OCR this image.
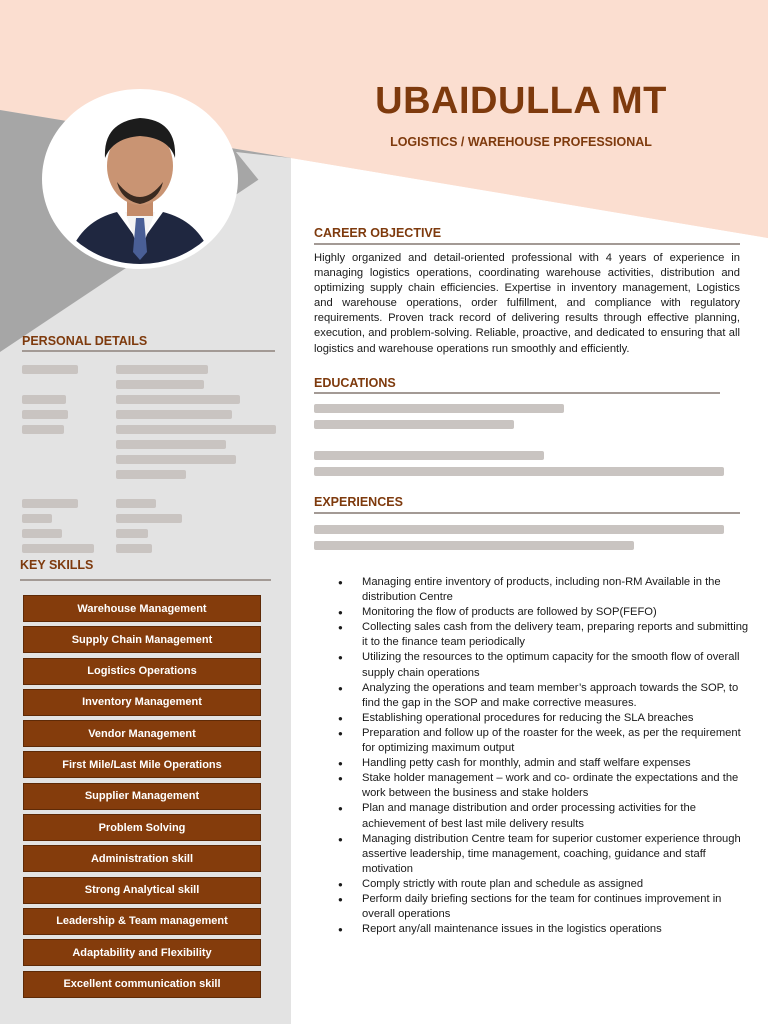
UBAIDULLA MT
LOGISTICS / WAREHOUSE PROFESSIONAL
PERSONAL DETAILS
KEY SKILLS
Warehouse Management
Supply Chain Management
Logistics Operations
Inventory Management
Vendor Management
First Mile/Last Mile Operations
Supplier Management
Problem Solving
Administration skill
Strong Analytical skill
Leadership & Team management
Adaptability and Flexibility
Excellent communication skill
CAREER OBJECTIVE
Highly organized and detail-oriented professional with 4 years of experience in managing logistics operations, coordinating warehouse activities, distribution and optimizing supply chain efficiencies. Expertise in inventory management, Logistics and warehouse operations, order fulfillment, and compliance with regulatory requirements. Proven track record of delivering results through effective planning, execution, and problem-solving. Reliable, proactive, and dedicated to ensuring that all logistics and warehouse operations run smoothly and efficiently.
EDUCATIONS
EXPERIENCES
● Managing entire inventory of products, including non-RM Available in the distribution Centre
● Monitoring the flow of products are followed by SOP(FEFO)
● Collecting sales cash from the delivery team, preparing reports and submitting it to the finance team periodically
● Utilizing the resources to the optimum capacity for the smooth flow of overall supply chain operations
● Analyzing the operations and team member’s approach towards the SOP, to find the gap in the SOP and make corrective measures.
● Establishing operational procedures for reducing the SLA breaches
● Preparation and follow up of the roaster for the week, as per the requirement for optimizing maximum output
● Handling petty cash for monthly, admin and staff welfare expenses
● Stake holder management – work and co- ordinate the expectations and the work between the business and stake holders
● Plan and manage distribution and order processing activities for the achievement of best last mile delivery results
● Managing distribution Centre team for superior customer experience through assertive leadership, time management, coaching, guidance and staff motivation
● Comply strictly with route plan and schedule as assigned
● Perform daily briefing sections for the team for continues improvement in overall operations
● Report any/all maintenance issues in the logistics operations
